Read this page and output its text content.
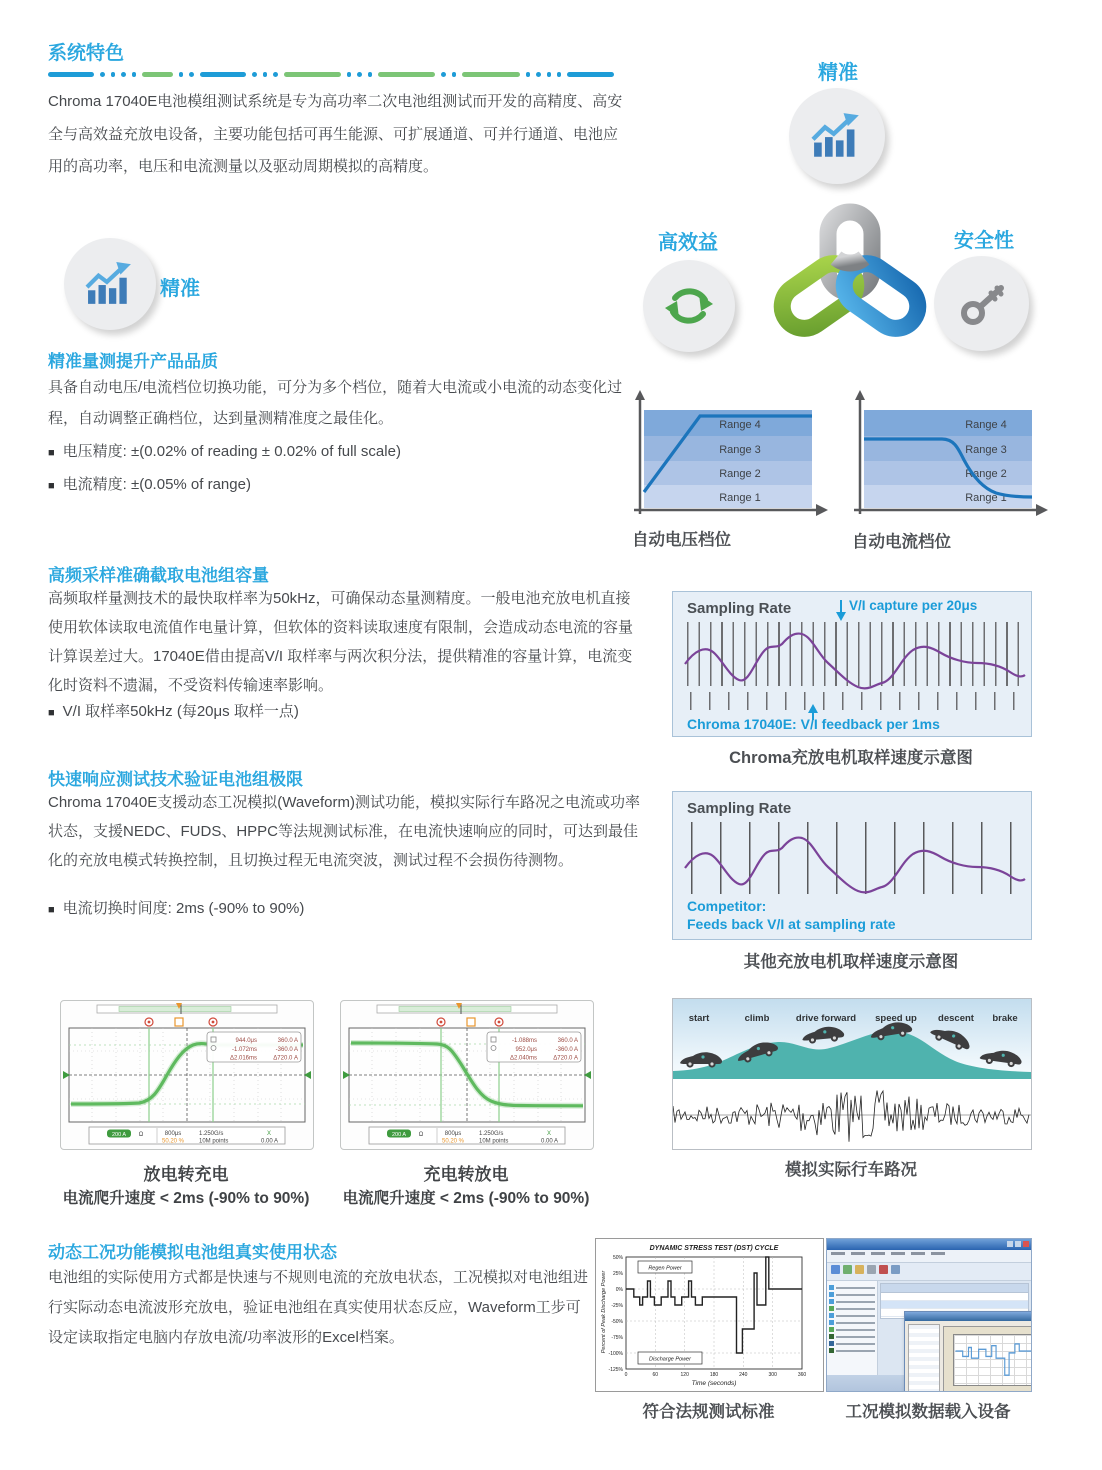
系统特色

Chroma 17040E电池模组测试系统是专为高功率二次电池组测试而开发的高精度、高安全与高效益充放电设备，主要功能包括可再生能源、可扩展通道、可并行通道、电池应用的高功率，电压和电流测量以及驱动周期模拟的高精度。

精准
高效益	安全性
精准
精准量测提升产品品质

具备自动电压/电流档位切换功能，可分为多个档位，随着大电流或小电流的动态变化过程，自动调整正确档位，达到量测精准度之最佳化。

■ 电压精度: ±(0.02% of reading ± 0.02% of full scale)
■ 电流精度: ±(0.05% of range)
Range 4
Range 3
Range 2
Range 1
自动电压档位
Range 4
Range 3
Range 2
Range 1
自动电流档位
高频采样准确截取电池组容量

高频取样量测技术的最快取样率为50kHz，可确保动态量测精度。一般电池充放电机直接使用软体读取电流值作电量计算，但软体的资料读取速度有限制，会造成动态电流的容量计算误差过大。17040E借由提高V/I 取样率与两次积分法，提供精准的容量计算，电流变化时资料不遗漏，不受资料传输速率影响。

■ V/I 取样率50kHz (每20μs 取样一点)
Sampling Rate	V/I capture per 20μs
Chroma 17040E: V/I feedback per 1ms
Chroma充放电机取样速度示意图
快速响应测试技术验证电池组极限

Chroma 17040E支援动态工况模拟(Waveform)测试功能，模拟实际行车路况之电流或功率状态，支援NEDC、FUDS、HPPC等法规测试标准，在电流快速响应的同时，可达到最佳化的充放电模式转换控制，且切换过程无电流突波，测试过程不会损伤待测物。

■ 电流切换时间度: 2ms (-90% to 90%)
Sampling Rate
Competitor:
Feeds back V/I at sampling rate
其他充放电机取样速度示意图
944.0μs	360.0 A
-1.072ms	-360.0 A
Δ2.016ms	Δ720.0 A
200 A Ω	800μs	1.250G/s
50.20 % 10M points
X
0.00 A
放电转充电
电流爬升速度 < 2ms (-90% to 90%)
-1.088ms	360.0 A
952.0μs	-360.0 A
Δ2.040ms	Δ720.0 A
200 A Ω	800μs	1.250G/s
50.20 % 10M points
X
0.00 A
充电转放电
电流爬升速度 < 2ms (-90% to 90%)
start	climb	drive forward	speed up	descent	brake
模拟实际行车路况
动态工况功能模拟电池组真实使用状态

电池组的实际使用方式都是快速与不规则电流的充放电状态，工况模拟对电池组进行实际动态电流波形充放电，验证电池组在真实使用状态反应，Waveform工步可设定读取指定电脑内存放电流/功率波形的Excel档案。

DYNAMIC STRESS TEST (DST) CYCLE
Percent of Peak Discharge Power
Time (seconds)
50%
25%
0%
-25%
-50%
-75%
-100%
-125%
0	60	120	180	240	300	360
Regen Power
Discharge Power
符合法规测试标准	工况模拟数据载入设备
